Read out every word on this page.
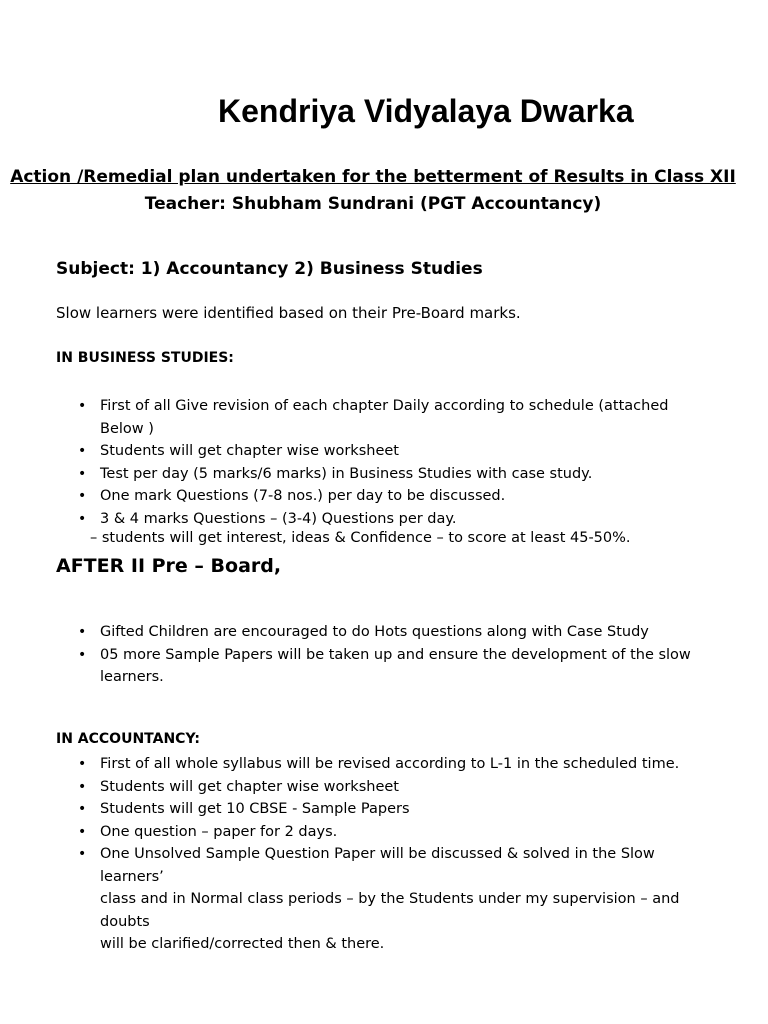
Kendriya Vidyalaya Dwarka
Action /Remedial plan undertaken for the betterment of Results in Class XII
Teacher: Shubham Sundrani (PGT Accountancy)
Subject: 1) Accountancy 2) Business Studies
Slow learners were identified based on their Pre-Board marks.
IN BUSINESS STUDIES:
• First of all Give revision of each chapter Daily according to schedule (attached Below )
• Students will get chapter wise worksheet
• Test per day (5 marks/6 marks) in Business Studies with case study.
• One mark Questions (7-8 nos.) per day to be discussed.
• 3 & 4 marks Questions – (3-4) Questions per day.
– students will get interest, ideas & Confidence – to score at least 45-50%.
AFTER II Pre – Board,
• Gifted Children are encouraged to do Hots questions along with Case Study
• 05 more Sample Papers will be taken up and ensure the development of the slow
learners.
IN ACCOUNTANCY:
• First of all whole syllabus will be revised according to L-1 in the scheduled time.
• Students will get chapter wise worksheet
• Students will get 10 CBSE - Sample Papers
• One question – paper for 2 days.
• One Unsolved Sample Question Paper will be discussed & solved in the Slow learners’
class and in Normal class periods – by the Students under my supervision – and doubts
will be clarified/corrected then & there.
